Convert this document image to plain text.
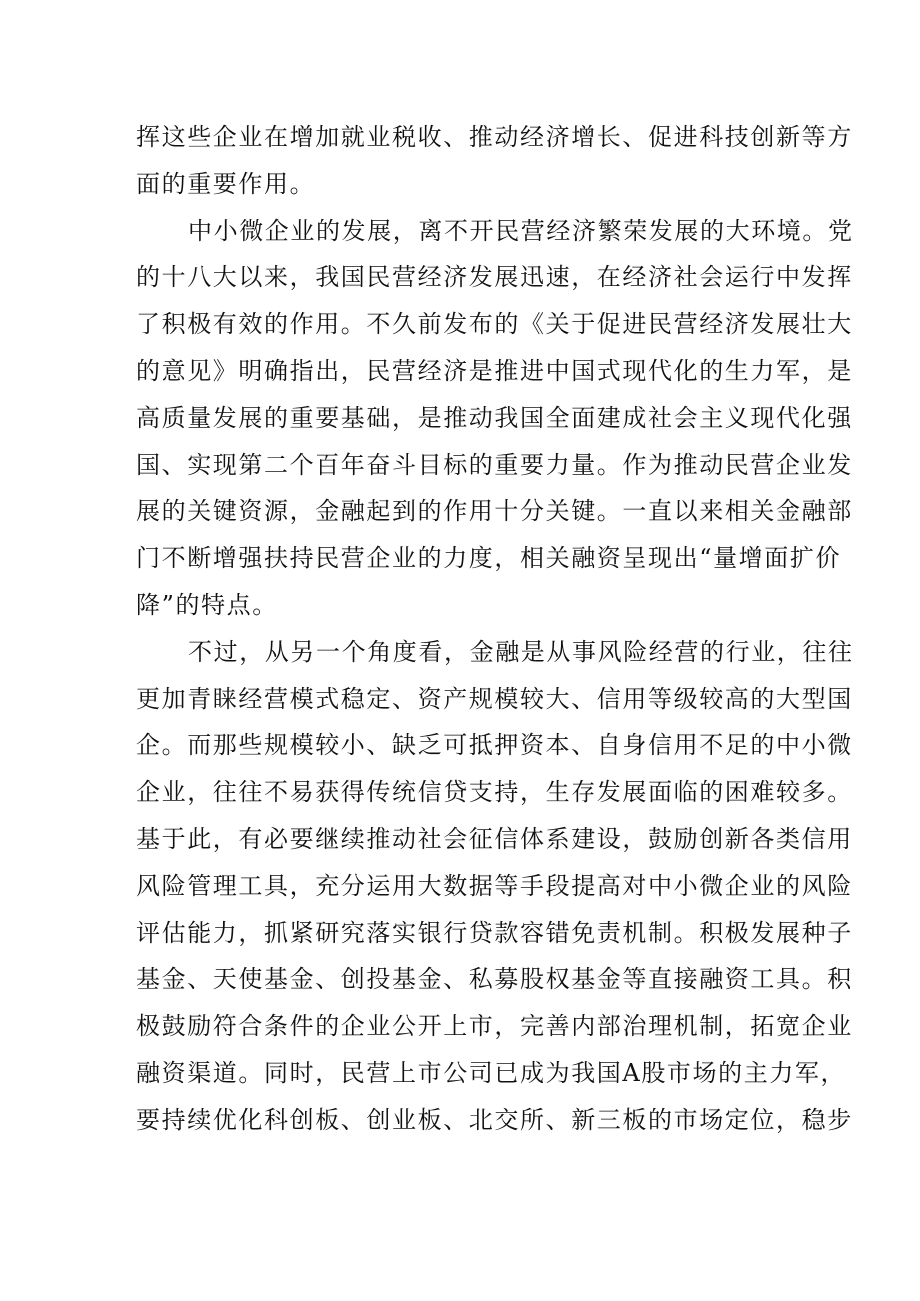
挥这些企业在增加就业税收、推动经济增长、促进科技创新等方
面的重要作用。
中小微企业的发展，离不开民营经济繁荣发展的大环境。党
的十八大以来，我国民营经济发展迅速，在经济社会运行中发挥
了积极有效的作用。不久前发布的《关于促进民营经济发展壮大
的意见》明确指出，民营经济是推进中国式现代化的生力军，是
高质量发展的重要基础，是推动我国全面建成社会主义现代化强
国、实现第二个百年奋斗目标的重要力量。作为推动民营企业发
展的关键资源，金融起到的作用十分关键。一直以来相关金融部
门不断增强扶持民营企业的力度，相关融资呈现出“量增面扩价
降”的特点。
不过，从另一个角度看，金融是从事风险经营的行业，往往
更加青睐经营模式稳定、资产规模较大、信用等级较高的大型国
企。而那些规模较小、缺乏可抵押资本、自身信用不足的中小微
企业，往往不易获得传统信贷支持，生存发展面临的困难较多。
基于此，有必要继续推动社会征信体系建设，鼓励创新各类信用
风险管理工具，充分运用大数据等手段提高对中小微企业的风险
评估能力，抓紧研究落实银行贷款容错免责机制。积极发展种子
基金、天使基金、创投基金、私募股权基金等直接融资工具。积
极鼓励符合条件的企业公开上市，完善内部治理机制，拓宽企业
融资渠道。同时，民营上市公司已成为我国A股市场的主力军，
要持续优化科创板、创业板、北交所、新三板的市场定位，稳步
